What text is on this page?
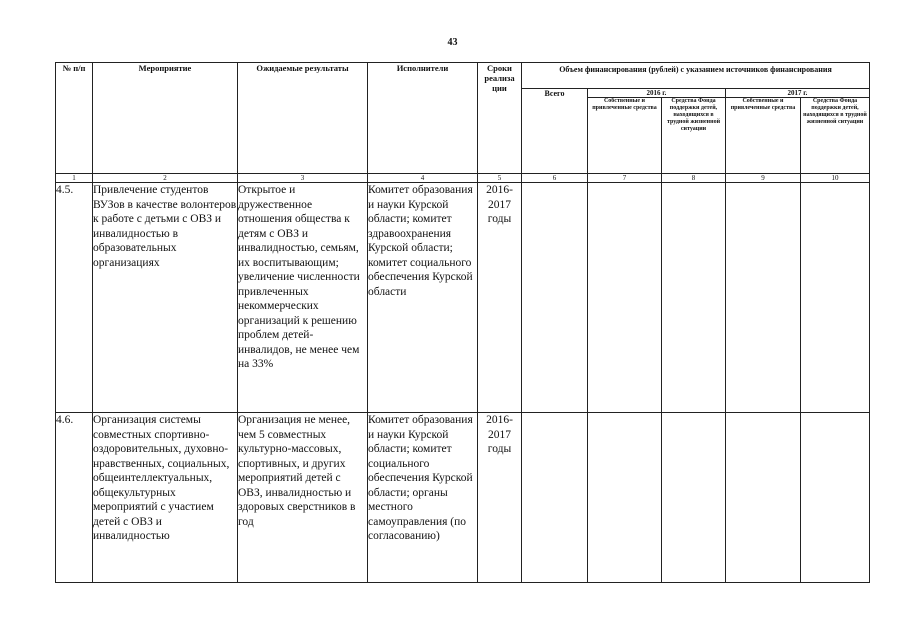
43
№ п/п	Мероприятие	Ожидаемые результаты	Исполнители	Сроки реализа ции	Объем финансирования (рублей) с указанием источников финансирования				
					Всего	2016 г.		2017 г.	
						Собственные и привлеченные средства	Средства Фонда поддержки детей, находящихся в трудной жизненной ситуации	Собственные и привлеченные средства	Средства Фонда поддержки детей, находящихся в трудной жизненной ситуации
1	2	3	4	5	6	7	8	9	10
4.5.	Привлечение студентов ВУЗов в качестве волонтеров к работе с детьми с ОВЗ и инвалидностью в образовательных организациях	Открытое и дружественное отношения общества к детям с ОВЗ и инвалидностью, семьям, их воспитывающим; увеличение численности привлеченных некоммерческих организаций к решению проблем детей-инвалидов, не менее чем на 33%	Комитет образования и науки Курской области; комитет здравоохранения Курской области; комитет социального обеспечения Курской области	2016-2017 годы					
4.6.	Организация системы совместных спортивно-оздоровительных, духовно-нравственных, социальных, общеинтеллектуальных, общекультурных мероприятий с участием детей с ОВЗ и инвалидностью	Организация не менее, чем 5 совместных культурно-массовых, спортивных, и других мероприятий детей с ОВЗ, инвалидностью и здоровых сверстников в год	Комитет образования и науки Курской области; комитет социального обеспечения Курской области; органы местного самоуправления (по согласованию)	2016-2017 годы					
